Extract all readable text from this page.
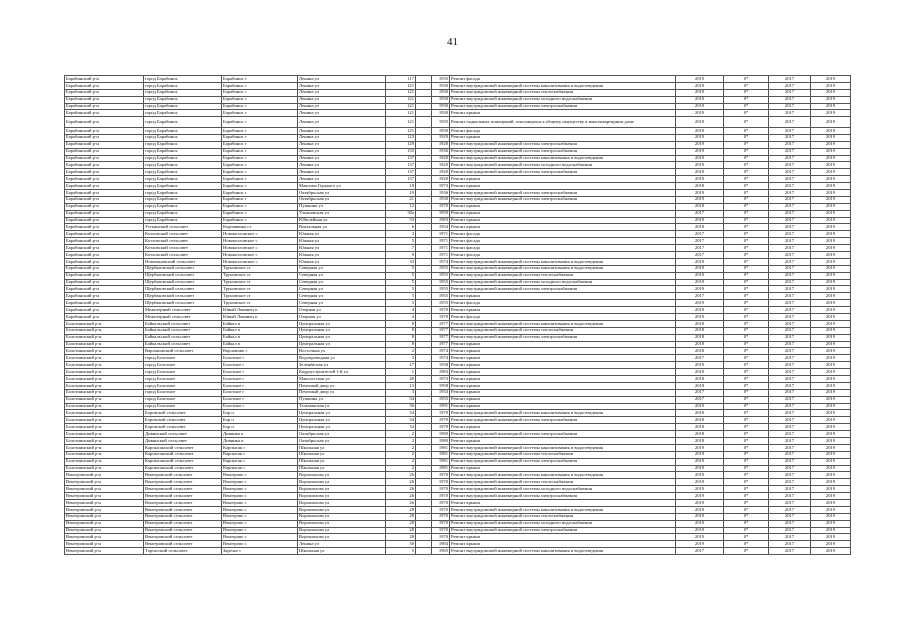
41
Барабинский р-н	город Барабинск	Барабинск г	Ленина ул	117		1935	Ремонт фасада	2019	0*	2017	2019
Барабинский р-н	город Барабинск	Барабинск г	Ленина ул	121		1930	Ремонт внутридомовой инженерной системы канализования и водоотведения	2019	0*	2017	2019
Барабинский р-н	город Барабинск	Барабинск г	Ленина ул	121		1930	Ремонт внутридомовой инженерной системы теплоснабжения	2019	0*	2017	2019
Барабинский р-н	город Барабинск	Барабинск г	Ленина ул	121		1930	Ремонт внутридомовой инженерной системы холодного водоснабжения	2019	0*	2017	2019
Барабинский р-н	город Барабинск	Барабинск г	Ленина ул	121		1930	Ремонт внутридомовой инженерной системы электроснабжения	2019	0*	2017	2019
Барабинский р-н	город Барабинск	Барабинск г	Ленина ул	121		1930	Ремонт крыши	2019	0*	2017	2019
Барабинский р-н	город Барабинск	Барабинск г	Ленина ул	121		1935	Ремонт подвальных помещений, относящихся к общему имуществу в многоквартирном доме	2019	0*	2017	2019
Барабинский р-н	город Барабинск	Барабинск г	Ленина ул	121		1930	Ремонт фасада	2019	0*	2017	2019
Барабинский р-н	город Барабинск	Барабинск г	Ленина ул	123		1929	Ремонт крыши	2019	0*	2017	2019
Барабинский р-н	город Барабинск	Барабинск г	Ленина ул	129		1928	Ремонт внутридомовой инженерной системы электроснабжения	2019	0*	2017	2019
Барабинский р-н	город Барабинск	Барабинск г	Ленина ул	133		1936	Ремонт внутридомовой инженерной системы электроснабжения	2019	0*	2017	2019
Барабинский р-н	город Барабинск	Барабинск г	Ленина ул	137		1920	Ремонт внутридомовой инженерной системы канализования и водоотведения	2019	0*	2017	2019
Барабинский р-н	город Барабинск	Барабинск г	Ленина ул	137		1920	Ремонт внутридомовой инженерной системы холодного водоснабжения	2019	0*	2017	2019
Барабинский р-н	город Барабинск	Барабинск г	Ленина ул	137		1920	Ремонт внутридомовой инженерной системы электроснабжения	2019	0*	2017	2019
Барабинский р-н	город Барабинск	Барабинск г	Ленина ул	137		1920	Ремонт крыши	2019	0*	2017	2019
Барабинский р-н	город Барабинск	Барабинск г	Максима Горького ул	18		1973	Ремонт крыши	2018	0*	2017	2019
Барабинский р-н	город Барабинск	Барабинск г	Октябрьская ул	19		1936	Ремонт внутридомовой инженерной системы электроснабжения	2019	0*	2017	2019
Барабинский р-н	город Барабинск	Барабинск г	Октябрьская ул	21		1930	Ремонт внутридомовой инженерной системы электроснабжения	2019	0*	2017	2019
Барабинский р-н	город Барабинск	Барабинск г	Пушкина ул	12		1979	Ремонт крыши	2018	0*	2017	2019
Барабинский р-н	город Барабинск	Барабинск г	Ульяновская ул	30а		1959	Ремонт крыши	2017	0*	2017	2019
Барабинский р-н	город Барабинск	Барабинск г	Юбилейная ул	33		1983	Ремонт крыши	2019	0*	2017	2019
Барабинский р-н	Устьинский сельсовет	Кирзавинка ст	Вокзальная ул	6		1954	Ремонт крыши	2018	0*	2017	2019
Барабинский р-н	Козловский сельсовет	Новокозловское с	Южная ул	3		1971	Ремонт фасада	2017	0*	2017	2019
Барабинский р-н	Козловский сельсовет	Новокозловское с	Южная ул	5		1971	Ремонт фасада	2017	0*	2017	2019
Барабинский р-н	Козловский сельсовет	Новокозловское с	Южная ул	7		1971	Ремонт фасада	2017	0*	2017	2019
Барабинский р-н	Козловский сельсовет	Новокозловское с	Южная ул	9		1971	Ремонт фасада	2017	0*	2017	2019
Барабинский р-н	Новочановский сельсовет	Новокозловское с	Южная ул	33		1974	Ремонт внутридомовой инженерной системы канализования и водоотведения	2019	0*	2017	2019
Барабинский р-н	Щербаковский сельсовет	Труновское ст	Северная ул	5		1955	Ремонт внутридомовой инженерной системы канализования и водоотведения	2019	0*	2017	2019
Барабинский р-н	Щербаковский сельсовет	Труновское ст	Северная ул	5		1955	Ремонт внутридомовой инженерной системы теплоснабжения	2019	0*	2017	2019
Барабинский р-н	Щербаковский сельсовет	Труновское ст	Северная ул	5		1955	Ремонт внутридомовой инженерной системы холодного водоснабжения	2019	0*	2017	2019
Барабинский р-н	Щербаковский сельсовет	Труновское ст	Северная ул	5		1955	Ремонт внутридомовой инженерной системы электроснабжения	2019	0*	2017	2019
Барабинский р-н	Щербаковский сельсовет	Труновское ст	Северная ул	5		1955	Ремонт крыши	2017	0*	2017	2019
Барабинский р-н	Щербаковский сельсовет	Труновское ст	Северная ул	5		1955	Ремонт фасада	2019	0*	2017	2019
Барабинский р-н	Межозерный сельсовет	Юный Ленинец п	Озерная ул	4		1979	Ремонт крыши	2019	0*	2017	2019
Барабинский р-н	Межозерный сельсовет	Юный Ленинец п	Озерная ул	4		1979	Ремонт фасада	2019	0*	2017	2019
Болотнинский р-н	Байкальский сельсовет	Байкал п	Центральная ул	8		1977	Ремонт внутридомовой инженерной системы канализования и водоотведения	2018	0*	2017	2019
Болотнинский р-н	Байкальский сельсовет	Байкал п	Центральная ул	8		1977	Ремонт внутридомовой инженерной системы теплоснабжения	2018	0*	2017	2019
Болотнинский р-н	Байкальский сельсовет	Байкал п	Центральная ул	8		1977	Ремонт внутридомовой инженерной системы электроснабжения	2018	0*	2017	2019
Болотнинский р-н	Байкальский сельсовет	Байкал п	Центральная ул	8		1977	Ремонт крыши	2018	0*	2017	2019
Болотнинский р-н	Варламовский сельсовет	Варламово с	Восточная ул	2		1974	Ремонт крыши	2018	0*	2017	2019
Болотнинский р-н	город Болотное	Болотное г	Водопроводная ул	3		1974	Ремонт крыши	2017	0*	2017	2019
Болотнинский р-н	город Болотное	Болотное г	Зеленёвская ул	17		1938	Ремонт крыши	2019	0*	2017	2019
Болотнинский р-н	город Болотное	Болотное г	Кадроустроителей 1-й ул	1		1983	Ремонт крыши	2019	0*	2017	2019
Болотнинский р-н	город Болотное	Болотное г	Максистская ул	48		1973	Ремонт крыши	2018	0*	2017	2019
Болотнинский р-н	город Болотное	Болотное г	Печатный двор ул	13		1958	Ремонт крыши	2018	0*	2017	2019
Болотнинский р-н	город Болотное	Болотное г	Печатный двор ул	3		1934	Ремонт крыши	2017	0*	2017	2019
Болотнинский р-н	город Болотное	Болотное г	Пушкина ул	34		1955	Ремонт крыши	2017	0*	2017	2019
Болотнинский р-н	город Болотное	Болотное г	Тельманская ул	36		1991	Ремонт крыши	2019	0*	2017	2019
Болотнинский р-н	Боровской сельсовет	Бор п	Центральная ул	34		1979	Ремонт внутридомовой инженерной системы канализования и водоотведения	2018	0*	2017	2019
Болотнинский р-н	Боровской сельсовет	Бор п	Центральная ул	34		1979	Ремонт внутридомовой инженерной системы электроснабжения	2018	0*	2017	2019
Болотнинский р-н	Боровской сельсовет	Бор п	Центральная ул	34		1979	Ремонт крыши	2018	0*	2017	2019
Болотнинский р-н	Дивинский сельсовет	Дивинка п	Октябрьская ул	2		1980	Ремонт внутридомовой инженерной системы электроснабжения	2018	0*	2017	2019
Болотнинский р-н	Дивинский сельсовет	Дивинка п	Октябрьская ул	2		1980	Ремонт крыши	2018	0*	2017	2019
Болотнинский р-н	Карпысакский сельсовет	Карпысак с	Школьная ул	2		1981	Ремонт внутридомовой инженерной системы канализования и водоотведения	2019	0*	2017	2019
Болотнинский р-н	Карпысакский сельсовет	Карпысак с	Школьная ул	2		1981	Ремонт внутридомовой инженерной системы теплоснабжения	2019	0*	2017	2019
Болотнинский р-н	Карпысакский сельсовет	Карпысак с	Школьная ул	2		1981	Ремонт внутридомовой инженерной системы электроснабжения	2019	0*	2017	2019
Болотнинский р-н	Карпысакский сельсовет	Карпысак с	Школьная ул	2		1981	Ремонт крыши	2019	0*	2017	2019
Венгеровский р-н	Венгеровский сельсовет	Венгерово с	Ворошилова ул	26		1970	Ремонт внутридомовой инженерной системы канализования и водоотведения	2019	0*	2017	2019
Венгеровский р-н	Венгеровский сельсовет	Венгерово с	Ворошилова ул	26		1970	Ремонт внутридомовой инженерной системы теплоснабжения	2019	0*	2017	2019
Венгеровский р-н	Венгеровский сельсовет	Венгерово с	Ворошилова ул	26		1970	Ремонт внутридомовой инженерной системы холодного водоснабжения	2019	0*	2017	2019
Венгеровский р-н	Венгеровский сельсовет	Венгерово с	Ворошилова ул	26		1970	Ремонт внутридомовой инженерной системы электроснабжения	2019	0*	2017	2019
Венгеровский р-н	Венгеровский сельсовет	Венгерово с	Ворошилова ул	26		1970	Ремонт крыши	2019	0*	2017	2019
Венгеровский р-н	Венгеровский сельсовет	Венгерово с	Ворошилова ул	28		1970	Ремонт внутридомовой инженерной системы канализования и водоотведения	2019	0*	2017	2019
Венгеровский р-н	Венгеровский сельсовет	Венгерово с	Ворошилова ул	28		1970	Ремонт внутридомовой инженерной системы теплоснабжения	2019	0*	2017	2019
Венгеровский р-н	Венгеровский сельсовет	Венгерово с	Ворошилова ул	28		1970	Ремонт внутридомовой инженерной системы холодного водоснабжения	2019	0*	2017	2019
Венгеровский р-н	Венгеровский сельсовет	Венгерово с	Ворошилова ул	28		1970	Ремонт внутридомовой инженерной системы электроснабжения	2019	0*	2017	2019
Венгеровский р-н	Венгеровский сельсовет	Венгерово с	Ворошилова ул	28		1970	Ремонт крыши	2019	0*	2017	2019
Венгеровский р-н	Венгеровский сельсовет	Венгерово с	Ленина ул	30		1984	Ремонт крыши	2019	0*	2017	2019
Венгеровский р-н	Тартасский сельсовет	Заречье с	Школьная ул	5		1965	Ремонт внутридомовой инженерной системы канализования и водоотведения	2017	0*	2017	2019
